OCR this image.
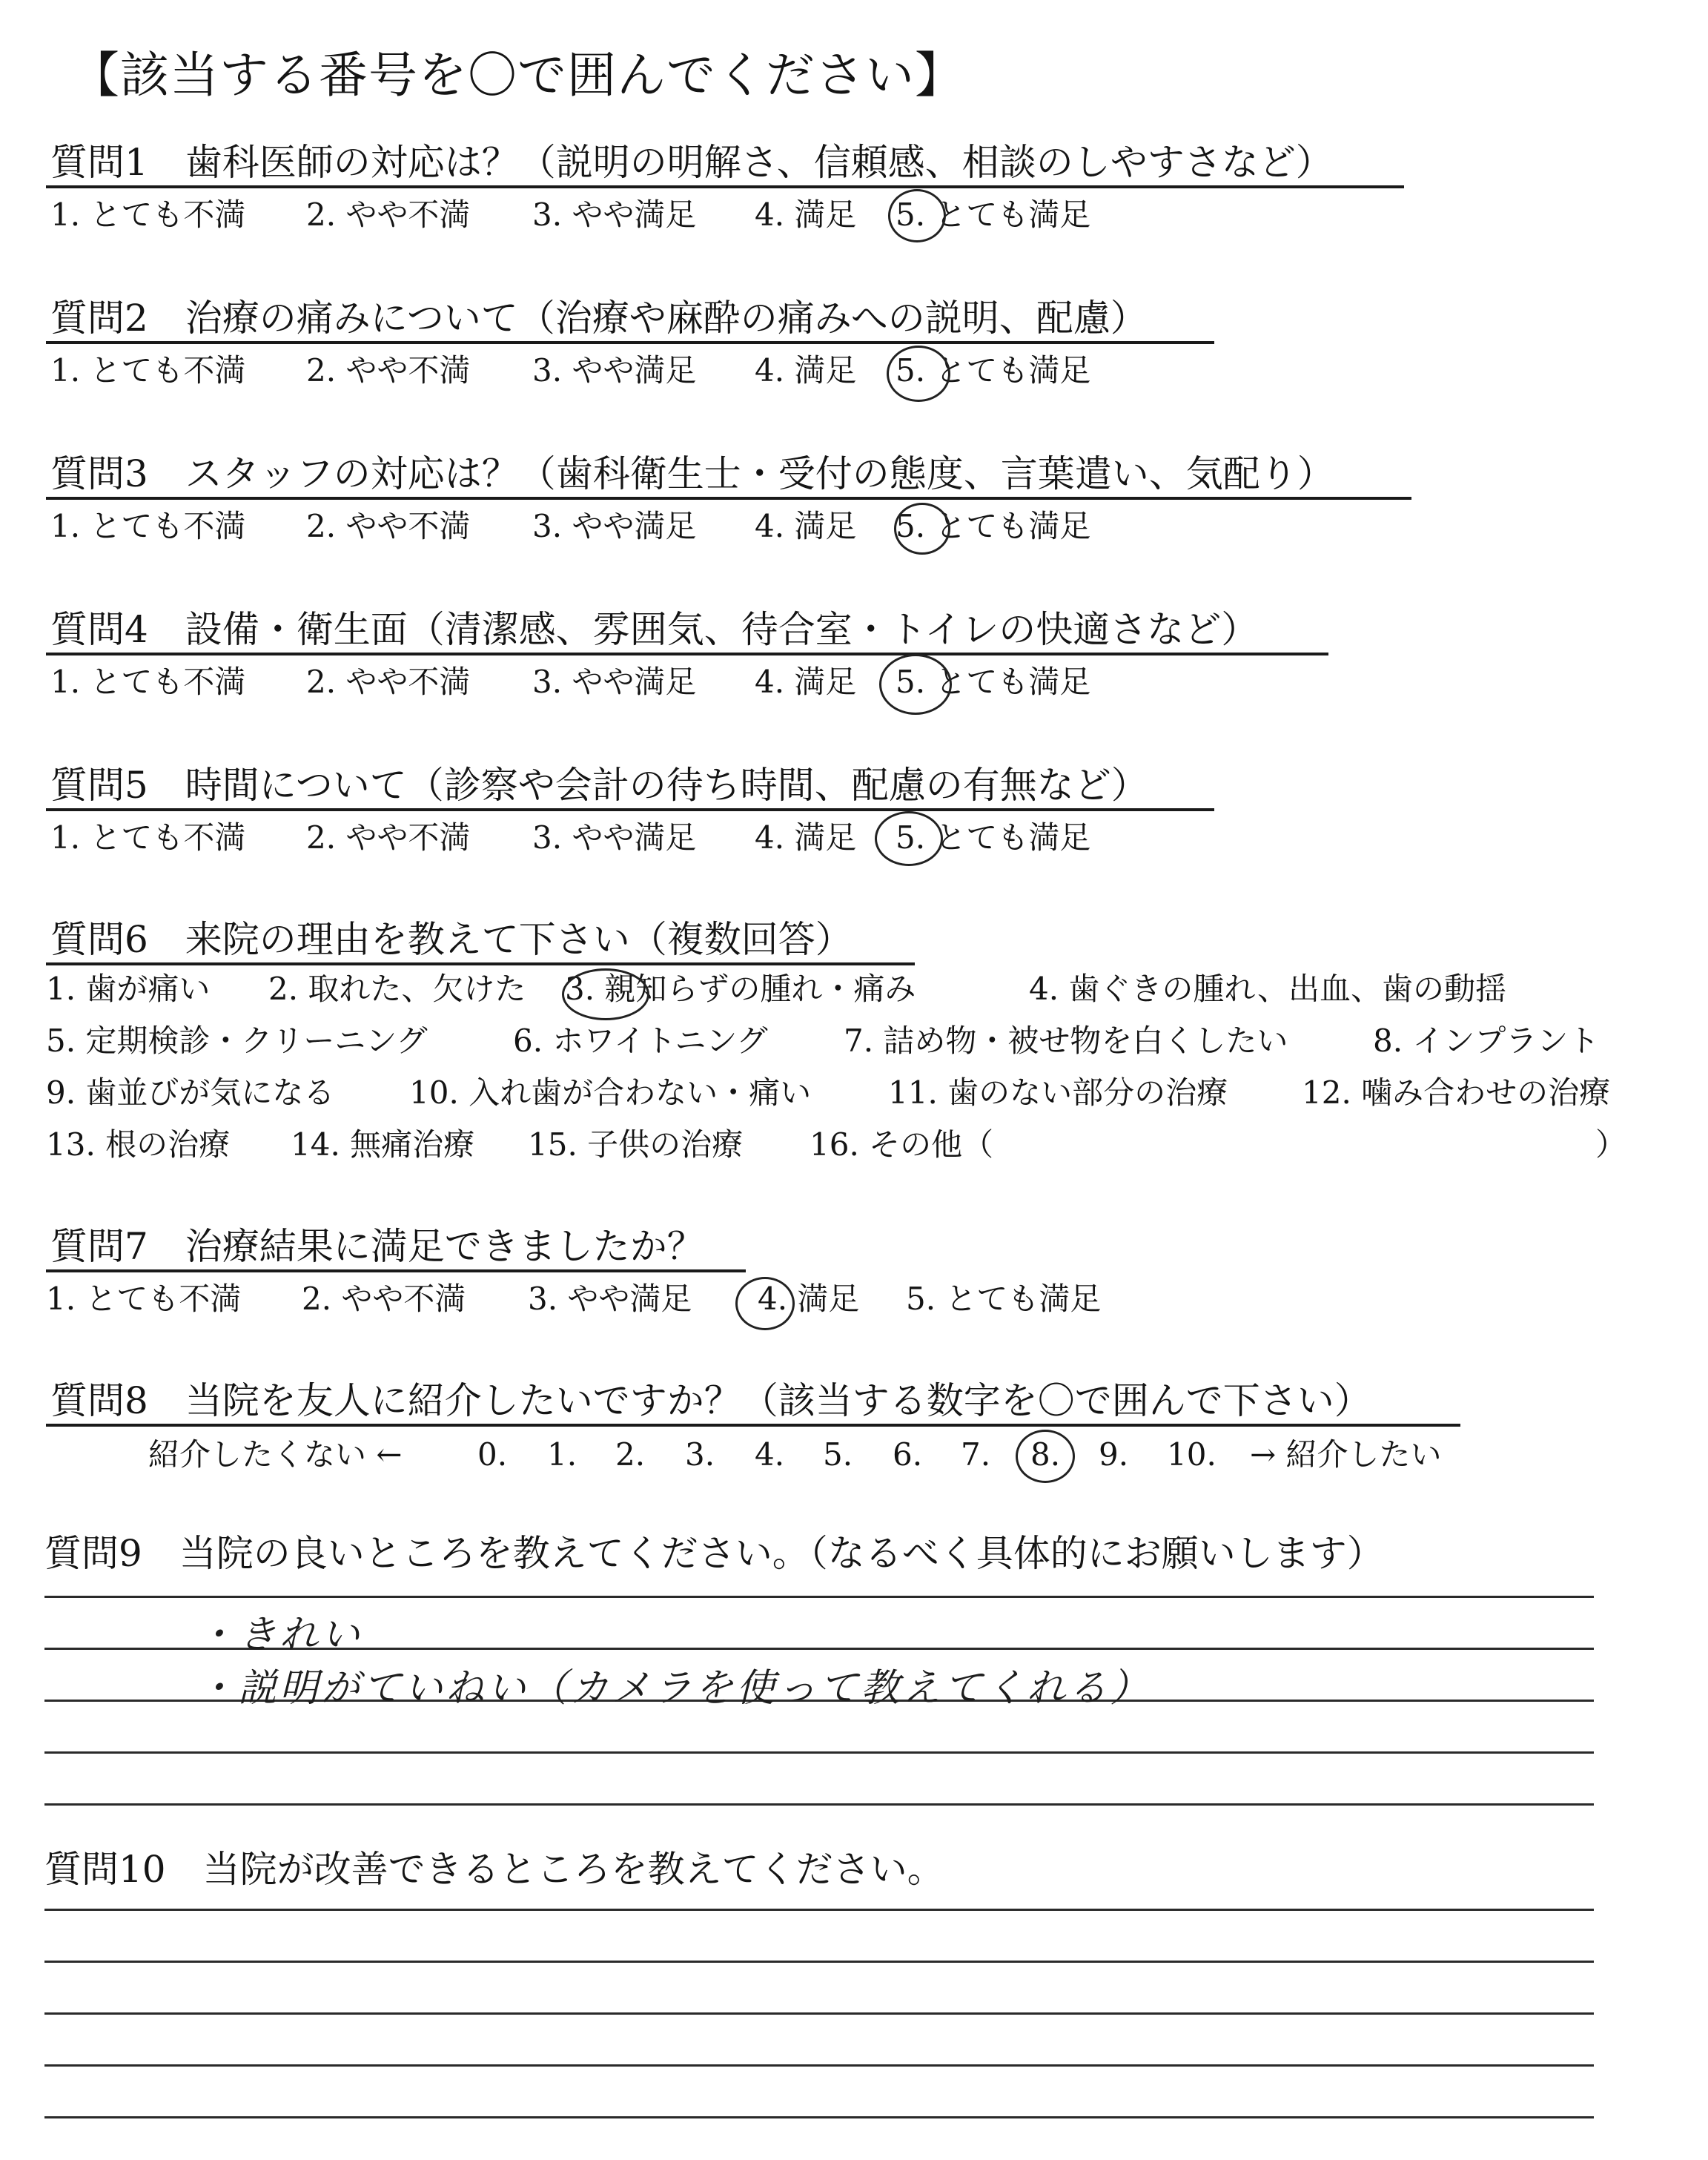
【該当する番号を〇で囲んでください】
質問1　歯科医師の対応は？（説明の明解さ、信頼感、相談のしやすさなど）
1. とても不満 2. やや不満 3. やや満足 4. 満足 5. とても満足
質問2　治療の痛みについて（治療や麻酔の痛みへの説明、配慮）
1. とても不満 2. やや不満 3. やや満足 4. 満足 5. とても満足
質問3　スタッフの対応は？（歯科衛生士・受付の態度、言葉遣い、気配り）
1. とても不満 2. やや不満 3. やや満足 4. 満足 5. とても満足
質問4　設備・衛生面（清潔感、雰囲気、待合室・トイレの快適さなど）
1. とても不満 2. やや不満 3. やや満足 4. 満足 5. とても満足
質問5　時間について（診察や会計の待ち時間、配慮の有無など）
1. とても不満 2. やや不満 3. やや満足 4. 満足 5. とても満足
質問6　来院の理由を教えて下さい（複数回答）
1. 歯が痛い 2. 取れた、欠けた 3. 親知らずの腫れ・痛み	4. 歯ぐきの腫れ、出血、歯の動揺
5. 定期検診・クリーニング	6. ホワイトニング 7. 詰め物・被せ物を白くしたい	8. インプラント
9. 歯並びが気になる 10. 入れ歯が合わない・痛い 11. 歯のない部分の治療 12. 噛み合わせの治療
13. 根の治療 14. 無痛治療 15. 子供の治療 16. その他（	）
質問7　治療結果に満足できましたか？
1. とても不満 2. やや不満 3. やや満足 4. 満足 5. とても満足
質問8　当院を友人に紹介したいですか？（該当する数字を〇で囲んで下さい）
紹介したくない ← 0. 1. 2. 3. 4. 5. 6. 7. 8. 9. 10. → 紹介したい
質問9　当院の良いところを教えてください。（なるべく具体的にお願いします）
・きれい
・説明がていねい（カメラを使って教えてくれる）
質問10　当院が改善できるところを教えてください。
